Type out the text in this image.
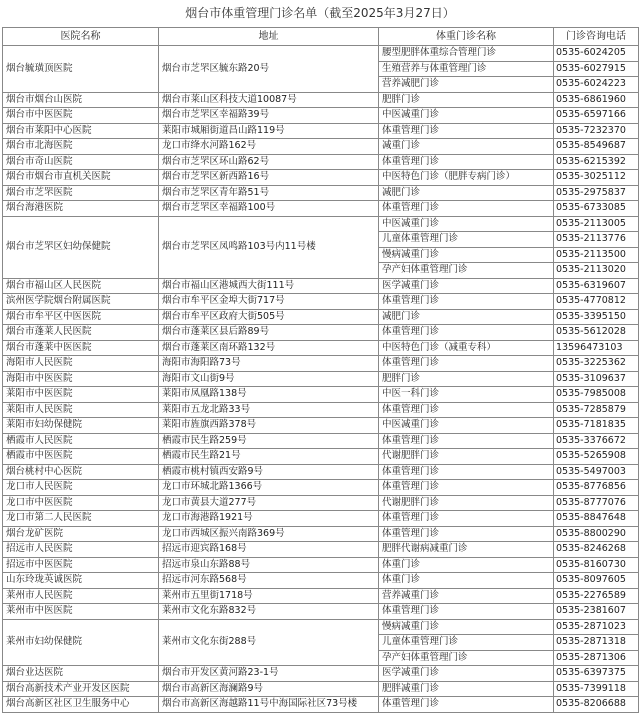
烟台市体重管理门诊名单（截至2025年3月27日）
医院名称	地址	体重门诊名称	门诊咨询电话
烟台毓璜顶医院	烟台市芝罘区毓东路20号	腰型肥胖体重综合管理门诊	0535-6024205
		生殖营养与体重管理门诊	0535-6027915
		营养减肥门诊	0535-6024223
烟台市烟台山医院	烟台市莱山区科技大道10087号	肥胖门诊	0535-6861960
烟台市中医医院	烟台市芝罘区幸福路39号	中医减重门诊	0535-6597166
烟台市莱阳中心医院	莱阳市城厢街道昌山路119号	体重管理门诊	0535-7232370
烟台市北海医院	龙口市绛水河路162号	减重门诊	0535-8549687
烟台市奇山医院	烟台市芝罘区环山路62号	体重管理门诊	0535-6215392
烟台市烟台市直机关医院	烟台市芝罘区新西路16号	中医特色门诊（肥胖专病门诊）	0535-3025112
烟台市芝罘医院	烟台市芝罘区青年路51号	减肥门诊	0535-2975837
烟台海港医院	烟台市芝罘区幸福路100号	体重管理门诊	0535-6733085
烟台市芝罘区妇幼保健院	烟台市芝罘区凤鸣路103号内11号楼	中医减重门诊	0535-2113005
		儿童体重管理门诊	0535-2113776
		慢病减重门诊	0535-2113500
		孕产妇体重管理门诊	0535-2113020
烟台市福山区人民医院	烟台市福山区港城西大街111号	医学减重门诊	0535-6319607
滨州医学院烟台附属医院	烟台市牟平区金埠大街717号	体重管理门诊	0535-4770812
烟台市牟平区中医医院	烟台市牟平区政府大街505号	减肥门诊	0535-3395150
烟台市蓬莱人民医院	烟台市蓬莱区县后路89号	体重管理门诊	0535-5612028
烟台市蓬莱中医医院	烟台市蓬莱区南环路132号	中医特色门诊（减重专科）	13596473103
海阳市人民医院	海阳市海阳路73号	体重管理门诊	0535-3225362
海阳市中医医院	海阳市文山街9号	肥胖门诊	0535-3109637
莱阳市中医医院	莱阳市凤凰路138号	中医一科门诊	0535-7985008
莱阳市人民医院	莱阳市五龙北路33号	体重管理门诊	0535-7285879
莱阳市妇幼保健院	莱阳市旌旗西路378号	中医减重门诊	0535-7181835
栖霞市人民医院	栖霞市民生路259号	体重管理门诊	0535-3376672
栖霞市中医医院	栖霞市民生路21号	代谢肥胖门诊	0535-5265908
烟台桃村中心医院	栖霞市桃村镇西安路9号	体重管理门诊	0535-5497003
龙口市人民医院	龙口市环城北路1366号	体重管理门诊	0535-8776856
龙口市中医医院	龙口市黄县大道277号	代谢肥胖门诊	0535-8777076
龙口市第二人民医院	龙口市海港路1921号	体重管理门诊	0535-8847648
烟台龙矿医院	龙口市西城区振兴南路369号	体重管理门诊	0535-8800290
招远市人民医院	招远市迎宾路168号	肥胖代谢病减重门诊	0535-8246268
招远市中医医院	招远市泉山东路88号	体重门诊	0535-8160730
山东玲珑英诚医院	招远市河东路568号	体重门诊	0535-8097605
莱州市人民医院	莱州市五里街1718号	营养减重门诊	0535-2276589
莱州市中医医院	莱州市文化东路832号	体重管理门诊	0535-2381607
莱州市妇幼保健院	莱州市文化东街288号	慢病减重门诊	0535-2871023
		儿童体重管理门诊	0535-2871318
		孕产妇体重管理门诊	0535-2871306
烟台业达医院	烟台市开发区黄河路23-1号	医学减重门诊	0535-6397375
烟台高新技术产业开发区医院	烟台市高新区海澜路9号	肥胖减重门诊	0535-7399118
烟台高新区社区卫生服务中心	烟台市高新区海越路11号中海国际社区73号楼	体重管理门诊	0535-8206688
